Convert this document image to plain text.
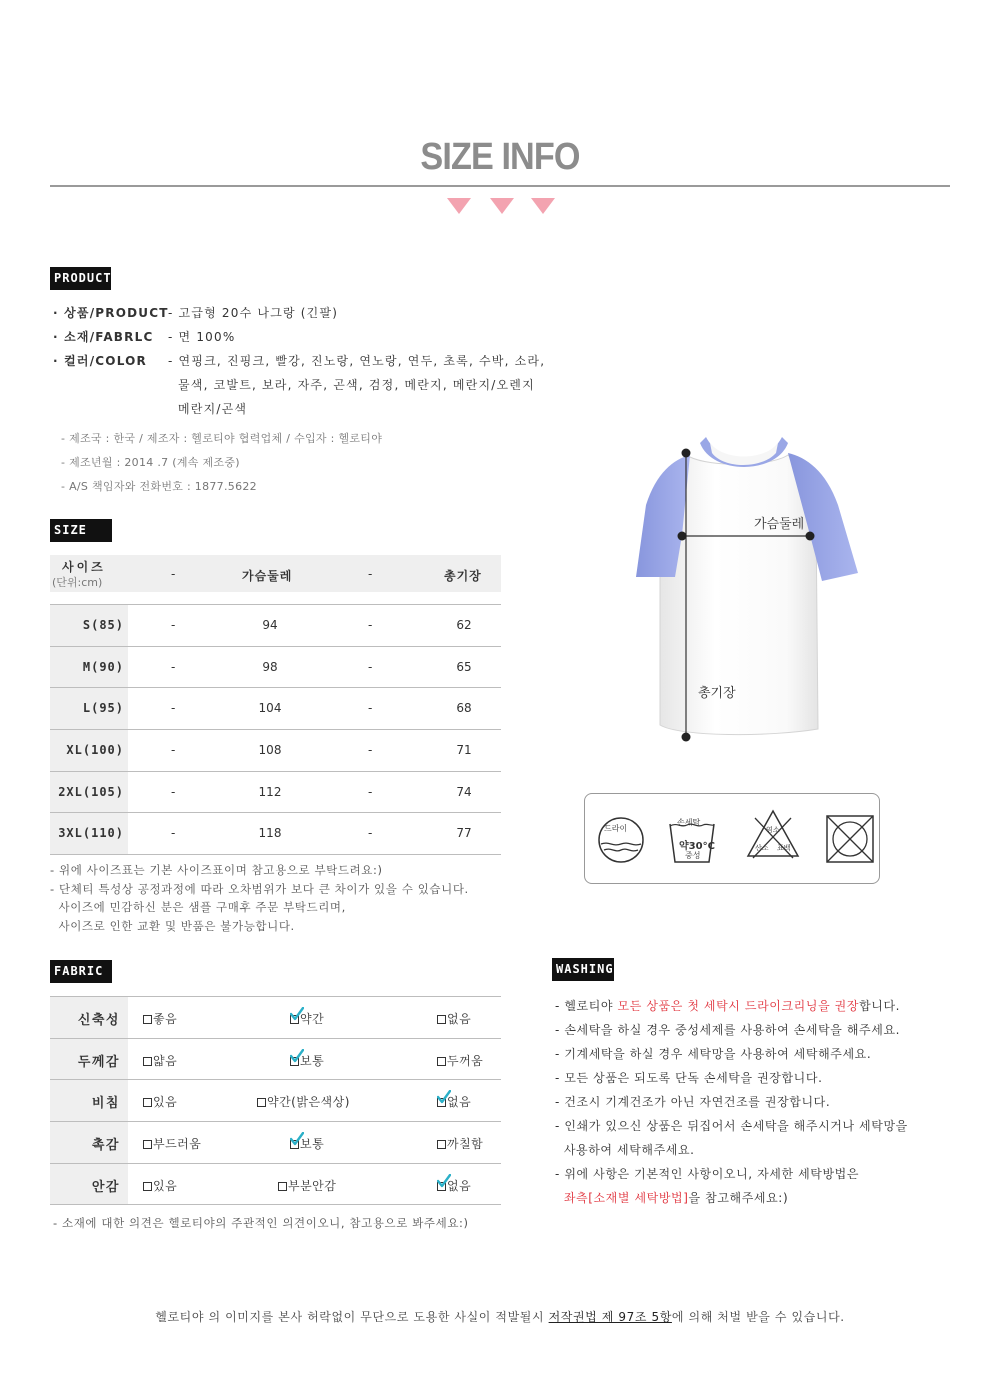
SIZE INFO
PRODUCT
· 상품/PRODUCT - 고급형 20수 나그랑 (긴팔)
· 소재/FABRLC - 면 100%
· 컬러/COLOR - 연핑크, 진핑크, 빨강, 진노랑, 연노랑, 연두, 초록, 수박, 소라,
물색, 코발트, 보라, 자주, 곤색, 검정, 메란지, 메란지/오렌지
메란지/곤색
- 제조국 : 한국 / 제조자 : 헬로티야 협력업체 / 수입자 : 헬로티야
- 제조년월 : 2014 .7 (계속 제조중)
- A/S 책임자와 전화번호 : 1877.5622
SIZE
사이즈
(단위:cm)
-	가슴둘레	-	총기장
S(85)	-	94	-	62
M(90)	-	98	-	65
L(95)	-	104	-	68
XL(100)	-	108	-	71
2XL(105)	-	112	-	74
3XL(110)	-	118	-	77
- 위에 사이즈표는 기본 사이즈표이며 참고용으로 부탁드려요:)
- 단체티 특성상 공정과정에 따라 오차범위가 보다 큰 차이가 있을 수 있습니다.
사이즈에 민감하신 분은 샘플 구매후 주문 부탁드리며,
사이즈로 인한 교환 및 반품은 불가능합니다.
가슴둘레
총기장
드라이
손세탁
약30°C
중성
염소
산소 표백
FABRIC
신축성	좋음	약간	없음
두께감	얇음	보통	두꺼움
비침	있음	약간(밝은색상)	없음
촉감	부드러움	보통	까칠함
안감	있음	부분안감	없음
- 소재에 대한 의견은 헬로티야의 주관적인 의견이오니, 참고용으로 봐주세요:)
WASHING
- 헬로티야 모든 상품은 첫 세탁시 드라이크리닝을 권장합니다.
- 손세탁을 하실 경우 중성세제를 사용하여 손세탁을 해주세요.
- 기계세탁을 하실 경우 세탁망을 사용하여 세탁해주세요.
- 모든 상품은 되도록 단독 손세탁을 권장합니다.
- 건조시 기계건조가 아닌 자연건조를 권장합니다.
- 인쇄가 있으신 상품은 뒤집어서 손세탁을 해주시거나 세탁망을
사용하여 세탁해주세요.
- 위에 사항은 기본적인 사항이오니, 자세한 세탁방법은
좌측[소재별 세탁방법]을 참고해주세요:)
헬로티야 의 이미지를 본사 허락없이 무단으로 도용한 사실이 적발될시 저작권법 제 97조 5항에 의해 처벌 받을 수 있습니다.
